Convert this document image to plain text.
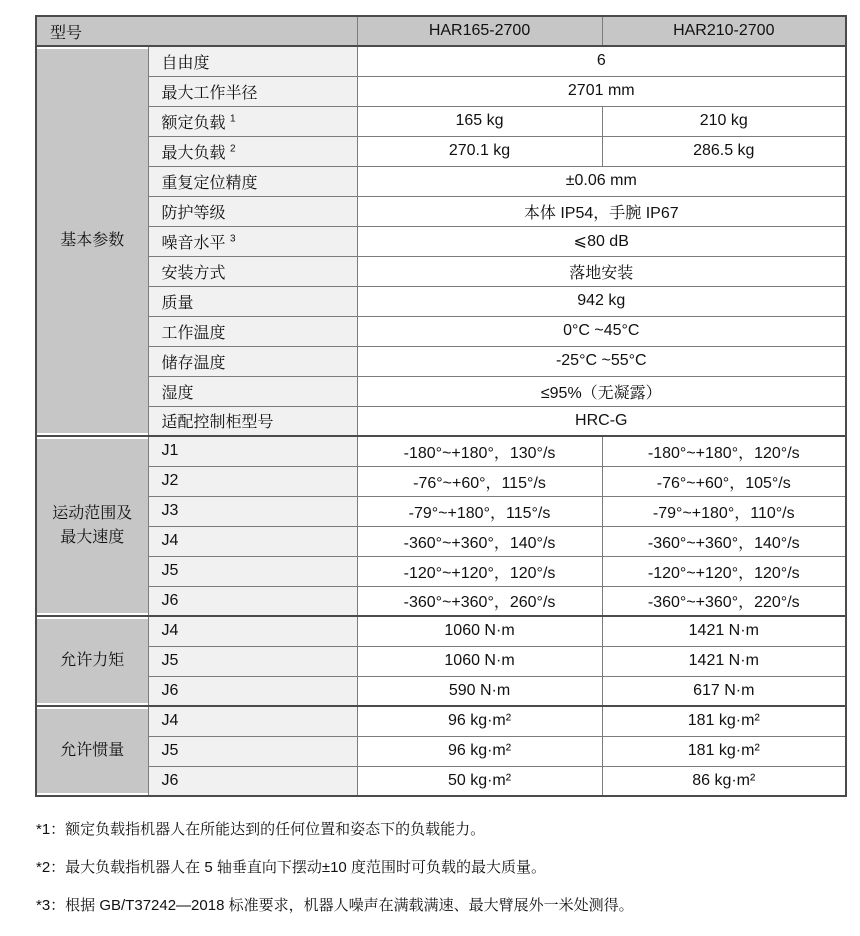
型号		HAR165-2700	HAR210-2700

基本参数	自由度	6	
	最大工作半径	2701 mm	
	额定负载 $^1$	165 kg	210 kg
	最大负载 $^2$	270.1 kg	286.5 kg
	重复定位精度	±0.06 mm	
	防护等级	本体 IP54，手腕 IP67	
	噪音水平 $^3$	⩽80 dB	
	安装方式	落地安装	
	质量	942 kg	
	工作温度	0°C ~45°C	
	储存温度	-25°C ~55°C	
	湿度	≤95%（无凝露）	
	适配控制柜型号	HRC-G	

运动范围及最大速度	J1	-180°~+180°，130°/s	-180°~+180°，120°/s
	J2	-76°~+60°，115°/s	-76°~+60°，105°/s
	J3	-79°~+180°，115°/s	-79°~+180°，110°/s
	J4	-360°~+360°，140°/s	-360°~+360°，140°/s
	J5	-120°~+120°，120°/s	-120°~+120°，120°/s
	J6	-360°~+360°，260°/s	-360°~+360°，220°/s

允许力矩	J4	1060 N·m	1421 N·m
	J5	1060 N·m	1421 N·m
	J6	590 N·m	617 N·m

允许惯量	J4	96 kg·m²	181 kg·m²
	J5	96 kg·m²	181 kg·m²
	J6	50 kg·m²	86 kg·m²

*1：额定负载指机器人在所能达到的任何位置和姿态下的负载能力。

*2：最大负载指机器人在 5 轴垂直向下摆动±10 度范围时可负载的最大质量。

*3：根据 GB/T37242—2018 标准要求，机器人噪声在满载满速、最大臂展外一米处测得。
